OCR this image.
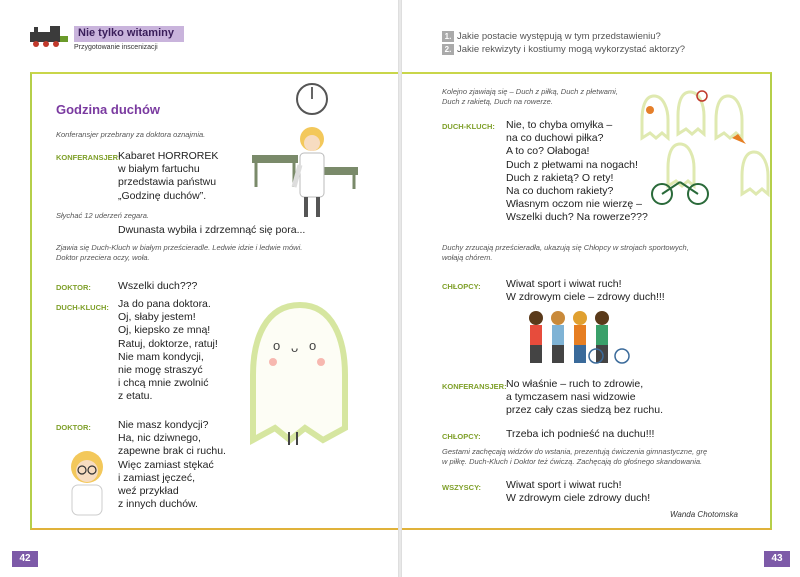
Nie tylko witaminy
Przygotowanie inscenizacji
Godzina duchów
Konferansjer przebrany za doktora oznajmia.
KONFERANSJER:
Kabaret HORROREK
w białym fartuchu
przedstawia państwu
„Godzinę duchów”.
Słychać 12 uderzeń zegara.
Dwunasta wybiła i zdrzemnąć się pora...
Zjawia się Duch-Kluch w białym prześcieradle. Ledwie idzie i ledwie mówi.
Doktor przeciera oczy, woła.
DOKTOR:	Wszelki duch???
DUCH-KLUCH: Ja do pana doktora.
Oj, słaby jestem!
Oj, kiepsko ze mną!
Ratuj, doktorze, ratuj!
Nie mam kondycji,
nie mogę straszyć
i chcą mnie zwolnić
z etatu.
o ᴗ o
DOKTOR:	Nie masz kondycji?
Ha, nic dziwnego,
zapewne brak ci ruchu.
Więc zamiast stękać
i zamiast jęczeć,
weź przykład
z innych duchów.
42
1. Jakie postacie występują w tym przedstawieniu?
2. Jakie rekwizyty i kostiumy mogą wykorzystać aktorzy?
Kolejno zjawiają się – Duch z piłką, Duch z płetwami,
Duch z rakietą, Duch na rowerze.
DUCH-KLUCH: Nie, to chyba omyłka –
na co duchowi piłka?
A to co? Ołaboga!
Duch z płetwami na nogach!
Duch z rakietą? O rety!
Na co duchom rakiety?
Własnym oczom nie wierzę –
Wszelki duch? Na rowerze???
Duchy zrzucają prześcieradła, ukazują się Chłopcy w strojach sportowych,
wołają chórem.
CHŁOPCY: Wiwat sport i wiwat ruch!
W zdrowym ciele – zdrowy duch!!!
KONFERANSJER: No właśnie – ruch to zdrowie,
a tymczasem nasi widzowie
przez cały czas siedzą bez ruchu.
CHŁOPCY: Trzeba ich podnieść na duchu!!!
Gestami zachęcają widzów do wstania, prezentują ćwiczenia gimnastyczne, grę
w piłkę. Duch-Kluch i Doktor też ćwiczą. Zachęcają do głośnego skandowania.
WSZYSCY: Wiwat sport i wiwat ruch!
W zdrowym ciele zdrowy duch!
Wanda Chotomska
43
